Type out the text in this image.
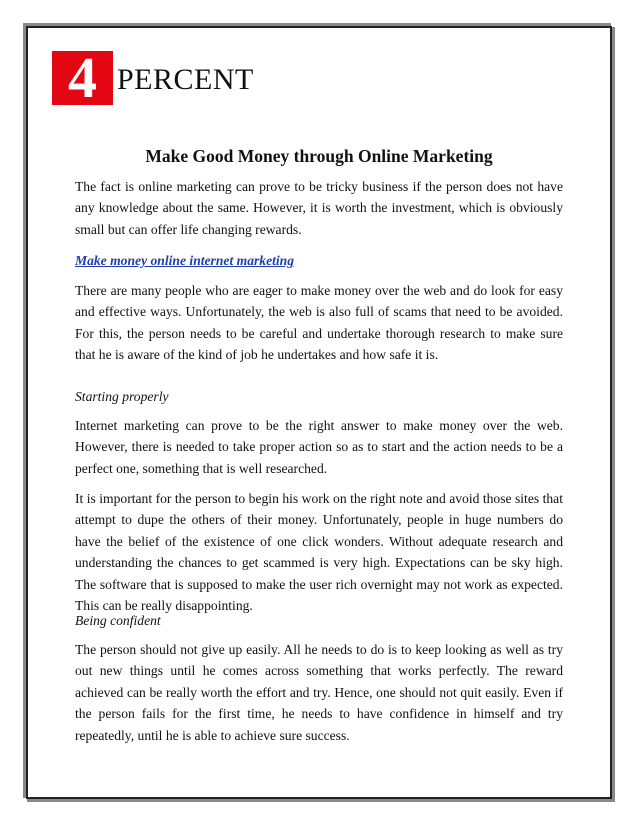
4 PERCENT
Make Good Money through Online Marketing
The fact is online marketing can prove to be tricky business if the person does not have any knowledge about the same. However, it is worth the investment, which is obviously small but can offer life changing rewards.
Make money online internet marketing
There are many people who are eager to make money over the web and do look for easy and effective ways. Unfortunately, the web is also full of scams that need to be avoided. For this, the person needs to be careful and undertake thorough research to make sure that he is aware of the kind of job he undertakes and how safe it is.
Starting properly
Internet marketing can prove to be the right answer to make money over the web. However, there is needed to take proper action so as to start and the action needs to be a perfect one, something that is well researched.
It is important for the person to begin his work on the right note and avoid those sites that attempt to dupe the others of their money. Unfortunately, people in huge numbers do have the belief of the existence of one click wonders. Without adequate research and understanding the chances to get scammed is very high. Expectations can be sky high. The software that is supposed to make the user rich overnight may not work as expected. This can be really disappointing.
Being confident
The person should not give up easily. All he needs to do is to keep looking as well as try out new things until he comes across something that works perfectly. The reward achieved can be really worth the effort and try. Hence, one should not quit easily. Even if the person fails for the first time, he needs to have confidence in himself and try repeatedly, until he is able to achieve sure success.
